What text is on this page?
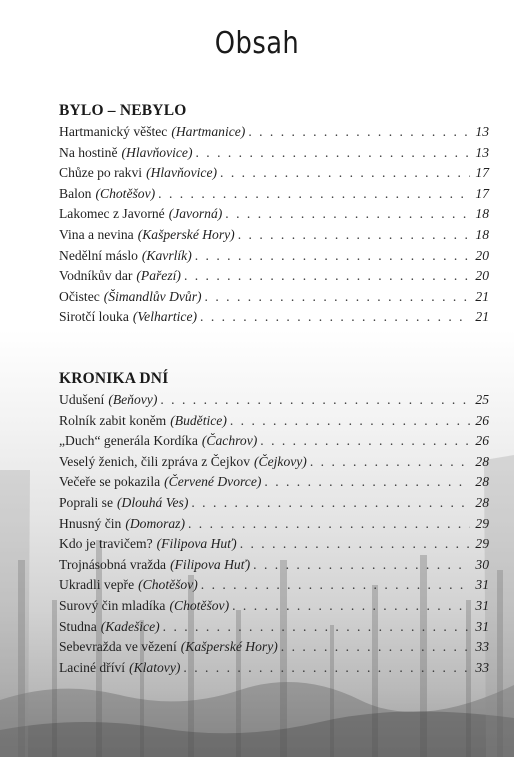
Obsah
BYLO – NEBYLO
Hartmanický věštec (Hartmanice) . . .	13
Na hostině (Hlavňovice) . . .	13
Chůze po rakvi (Hlavňovice) . . .	17
Balon (Chotěšov) . . .	17
Lakomec z Javorné (Javorná) . . .	18
Vina a nevina (Kašperské Hory) . . .	18
Nedělní máslo (Kavrlík) . . .	20
Vodníkův dar (Pařezí) . . .	20
Očistec (Šimandlův Dvůr) . . .	21
Sirotčí louka (Velhartice) . . .	21
KRONIKA DNÍ
Udušení (Beňovy) . . .	25
Rolník zabit koněm (Budětice) . . .	26
„Duch“ generála Kordíka (Čachrov) . . .	26
Veselý ženich, čili zpráva z Čejkov (Čejkovy) . . .	28
Večeře se pokazila (Červené Dvorce) . . .	28
Poprali se (Dlouhá Ves) . . .	28
Hnusný čin (Domoraz) . . .	29
Kdo je travičem? (Filipova Huť) . . .	29
Trojnásobná vražda (Filipova Huť) . . .	30
Ukradli vepře (Chotěšov) . . .	31
Surový čin mladíka (Chotěšov) . . .	31
Studna (Kadešice) . . .	31
Sebevražda ve vězení (Kašperské Hory) . . .	33
Laciné dříví (Klatovy) . . .	33
